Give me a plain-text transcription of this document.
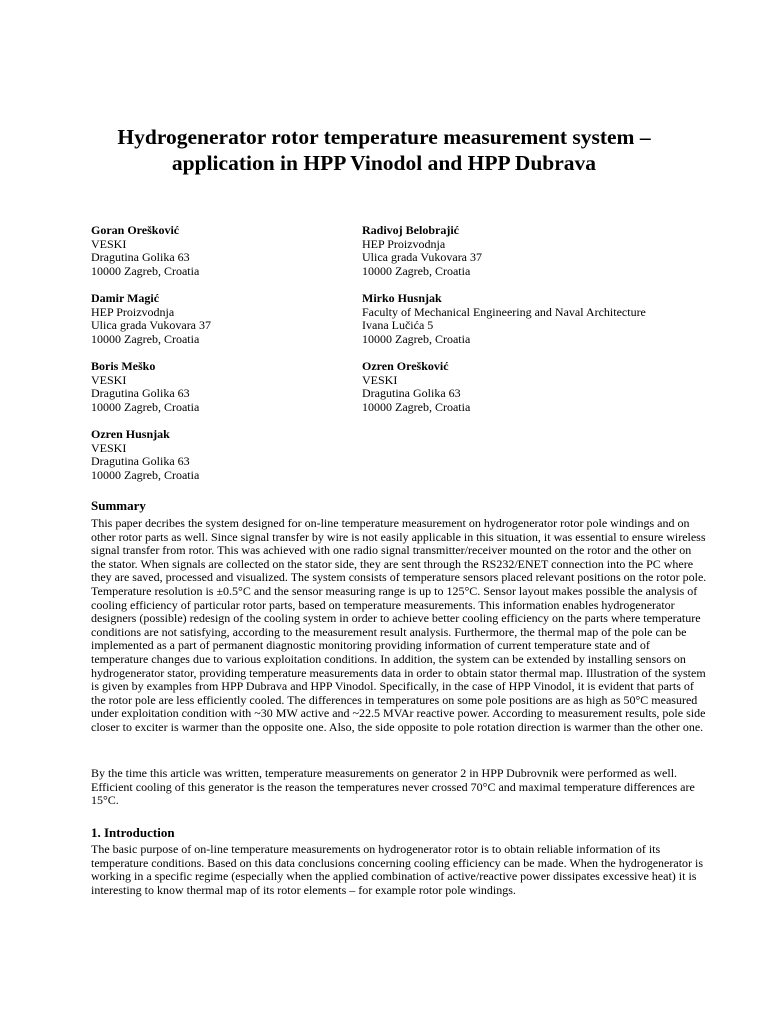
Hydrogenerator rotor temperature measurement system –
application in HPP Vinodol and HPP Dubrava
Goran Orešković
VESKI
Dragutina Golika 63
10000 Zagreb, Croatia
Radivoj Belobrajić
HEP Proizvodnja
Ulica grada Vukovara 37
10000 Zagreb, Croatia
Damir Magić
HEP Proizvodnja
Ulica grada Vukovara 37
10000 Zagreb, Croatia
Mirko Husnjak
Faculty of Mechanical Engineering and Naval Architecture
Ivana Lučića 5
10000 Zagreb, Croatia
Boris Meško
VESKI
Dragutina Golika 63
10000 Zagreb, Croatia
Ozren Orešković
VESKI
Dragutina Golika 63
10000 Zagreb, Croatia
Ozren Husnjak
VESKI
Dragutina Golika 63
10000 Zagreb, Croatia
Summary

This paper decribes the system designed for on-line temperature measurement on hydrogenerator rotor pole windings and on other rotor parts as well. Since signal transfer by wire is not easily applicable in this situation, it was essential to ensure wireless signal transfer from rotor. This was achieved with one radio signal transmitter/receiver mounted on the rotor and the other on the stator. When signals are collected on the stator side, they are sent through the RS232/ENET connection into the PC where they are saved, processed and visualized. The system consists of temperature sensors placed relevant positions on the rotor pole. Temperature resolution is ±0.5°C and the sensor measuring range is up to 125°C. Sensor layout makes possible the analysis of cooling efficiency of particular rotor parts, based on temperature measurements. This information enables hydrogenerator designers (possible) redesign of the cooling system in order to achieve better cooling efficiency on the parts where temperature conditions are not satisfying, according to the measurement result analysis. Furthermore, the thermal map of the pole can be implemented as a part of permanent diagnostic monitoring providing information of current temperature state and of temperature changes due to various exploitation conditions. In addition, the system can be extended by installing sensors on hydrogenerator stator, providing temperature measurements data in order to obtain stator thermal map. Illustration of the system is given by examples from HPP Dubrava and HPP Vinodol. Specifically, in the case of HPP Vinodol, it is evident that parts of the rotor pole are less efficiently cooled. The differences in temperatures on some pole positions are as high as 50°C measured under exploitation condition with ~30 MW active and ~22.5 MVAr reactive power. According to measurement results, pole side closer to exciter is warmer than the opposite one. Also, the side opposite to pole rotation direction is warmer than the other one.

By the time this article was written, temperature measurements on generator 2 in HPP Dubrovnik were performed as well. Efficient cooling of this generator is the reason the temperatures never crossed 70°C and maximal temperature differences are 15°C.

1. Introduction

The basic purpose of on-line temperature measurements on hydrogenerator rotor is to obtain reliable information of its temperature conditions. Based on this data conclusions concerning cooling efficiency can be made. When the hydrogenerator is working in a specific regime (especially when the applied combination of active/reactive power dissipates excessive heat) it is interesting to know thermal map of its rotor elements – for example rotor pole windings.
